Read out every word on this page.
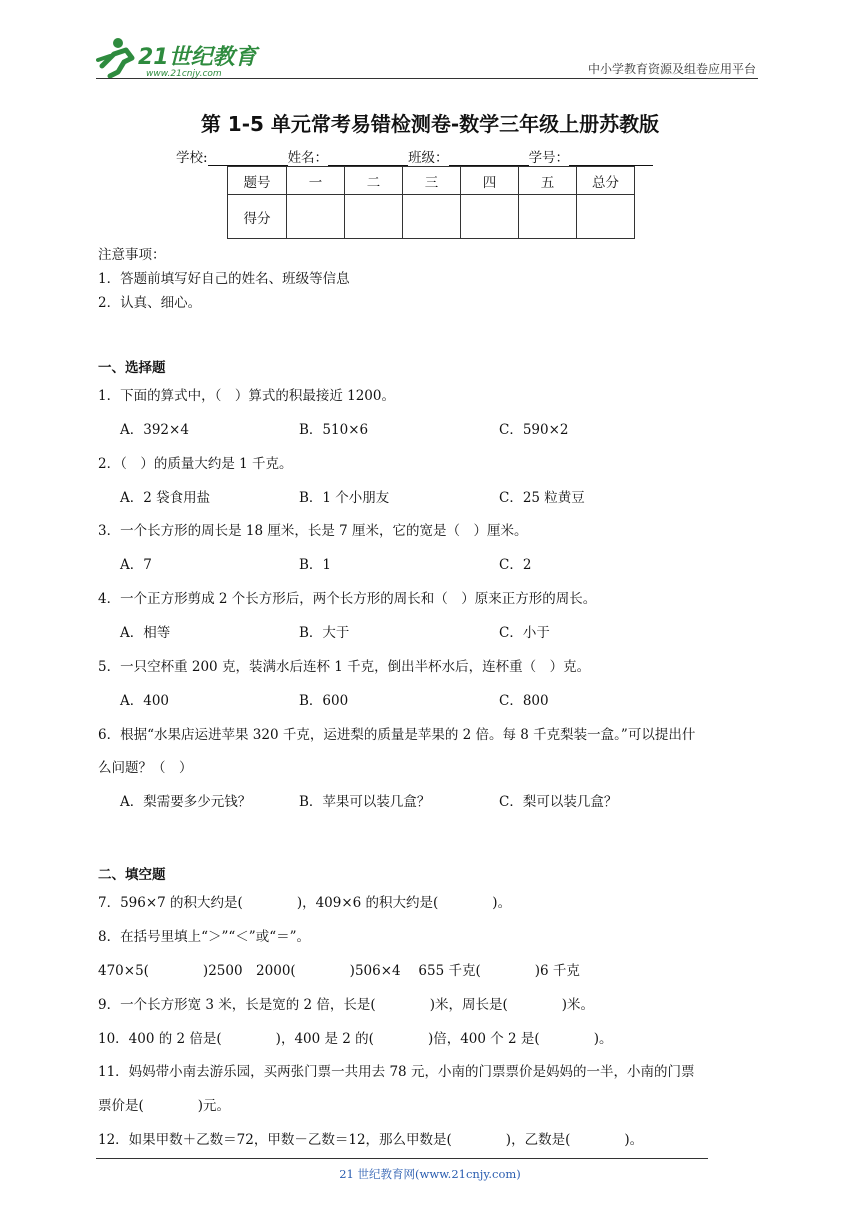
21世纪教育
www.21cnjy.com	中小学教育资源及组卷应用平台
第 1-5 单元常考易错检测卷-数学三年级上册苏教版
学校:	姓名：	班级：	学号：
题号	一	二	三	四	五	总分
得分						
注意事项：
1．答题前填写好自己的姓名、班级等信息
2．认真、细心。
一、选择题
1．下面的算式中，（　）算式的积最接近 1200。
A．392×4	B．510×6	C．590×2
2．（　）的质量大约是 1 千克。
A．2 袋食用盐	B．1 个小朋友	C．25 粒黄豆
3．一个长方形的周长是 18 厘米，长是 7 厘米，它的宽是（　）厘米。
A．7	B．1	C．2
4．一个正方形剪成 2 个长方形后，两个长方形的周长和（　）原来正方形的周长。
A．相等	B．大于	C．小于
5．一只空杯重 200 克，装满水后连杯 1 千克，倒出半杯水后，连杯重（　）克。
A．400	B．600	C．800
6．根据“水果店运进苹果 320 千克，运进梨的质量是苹果的 2 倍。每 8 千克梨装一盒。”可以提出什
么问题？（　）
A．梨需要多少元钱？	B．苹果可以装几盒？	C．梨可以装几盒？
二、填空题
7．596×7 的积大约是(　　　　)，409×6 的积大约是(　　　　)。
8．在括号里填上“＞”“＜”或“＝”。
470×5(　　　　)2500　2000(　　　　)506×4　 655 千克(　　　　)6 千克
9．一个长方形宽 3 米，长是宽的 2 倍，长是(　　　　)米，周长是(　　　　)米。
10．400 的 2 倍是(　　　　)，400 是 2 的(　　　　)倍，400 个 2 是(　　　　)。
11．妈妈带小南去游乐园，买两张门票一共用去 78 元，小南的门票票价是妈妈的一半，小南的门票
票价是(　　　　)元。
12．如果甲数＋乙数＝72，甲数－乙数＝12，那么甲数是(　　　　)，乙数是(　　　　)。
21 世纪教育网(www.21cnjy.com)
